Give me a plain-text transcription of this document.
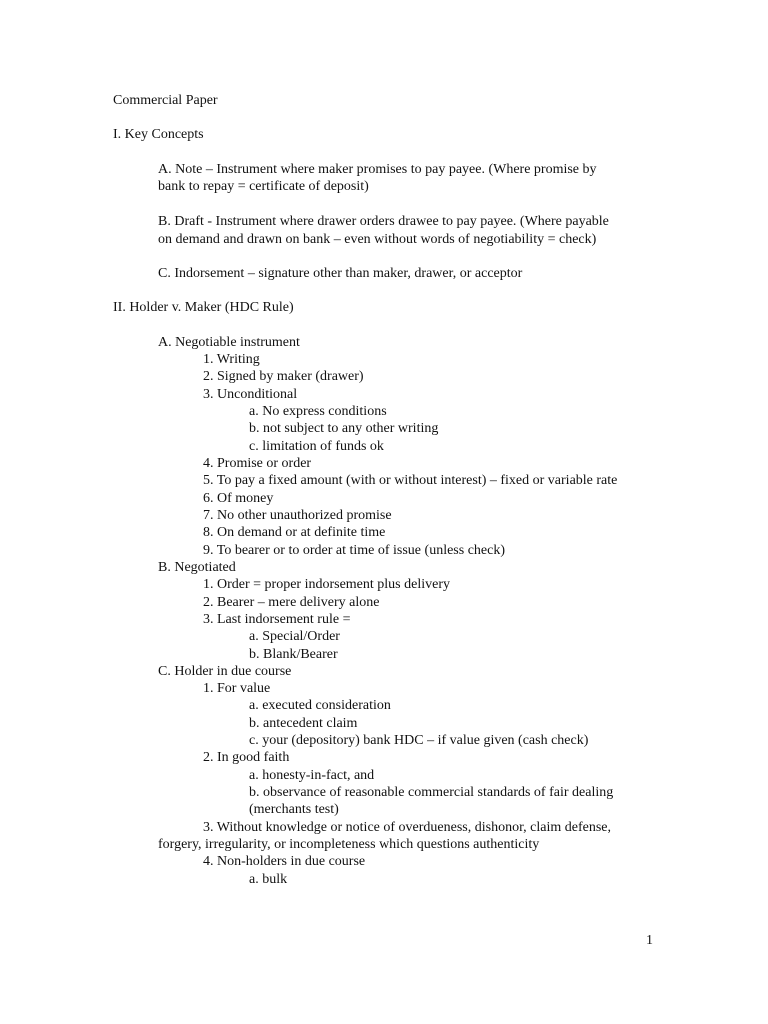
Commercial Paper
I. Key Concepts
A. Note – Instrument where maker promises to pay payee. (Where promise by
bank to repay = certificate of deposit)
B. Draft - Instrument where drawer orders drawee to pay payee. (Where payable
on demand and drawn on bank – even without words of negotiability = check)
C. Indorsement – signature other than maker, drawer, or acceptor
II. Holder v. Maker (HDC Rule)
A. Negotiable instrument
1. Writing
2. Signed by maker (drawer)
3. Unconditional
a. No express conditions
b. not subject to any other writing
c. limitation of funds ok
4. Promise or order
5. To pay a fixed amount (with or without interest) – fixed or variable rate
6. Of money
7. No other unauthorized promise
8. On demand or at definite time
9. To bearer or to order at time of issue (unless check)
B. Negotiated
1. Order = proper indorsement plus delivery
2. Bearer – mere delivery alone
3. Last indorsement rule =
a. Special/Order
b. Blank/Bearer
C. Holder in due course
1. For value
a. executed consideration
b. antecedent claim
c. your (depository) bank HDC – if value given (cash check)
2. In good faith
a. honesty-in-fact, and
b. observance of reasonable commercial standards of fair dealing
(merchants test)
3. Without knowledge or notice of overdueness, dishonor, claim defense,
forgery, irregularity, or incompleteness which questions authenticity
4. Non-holders in due course
a. bulk
1
